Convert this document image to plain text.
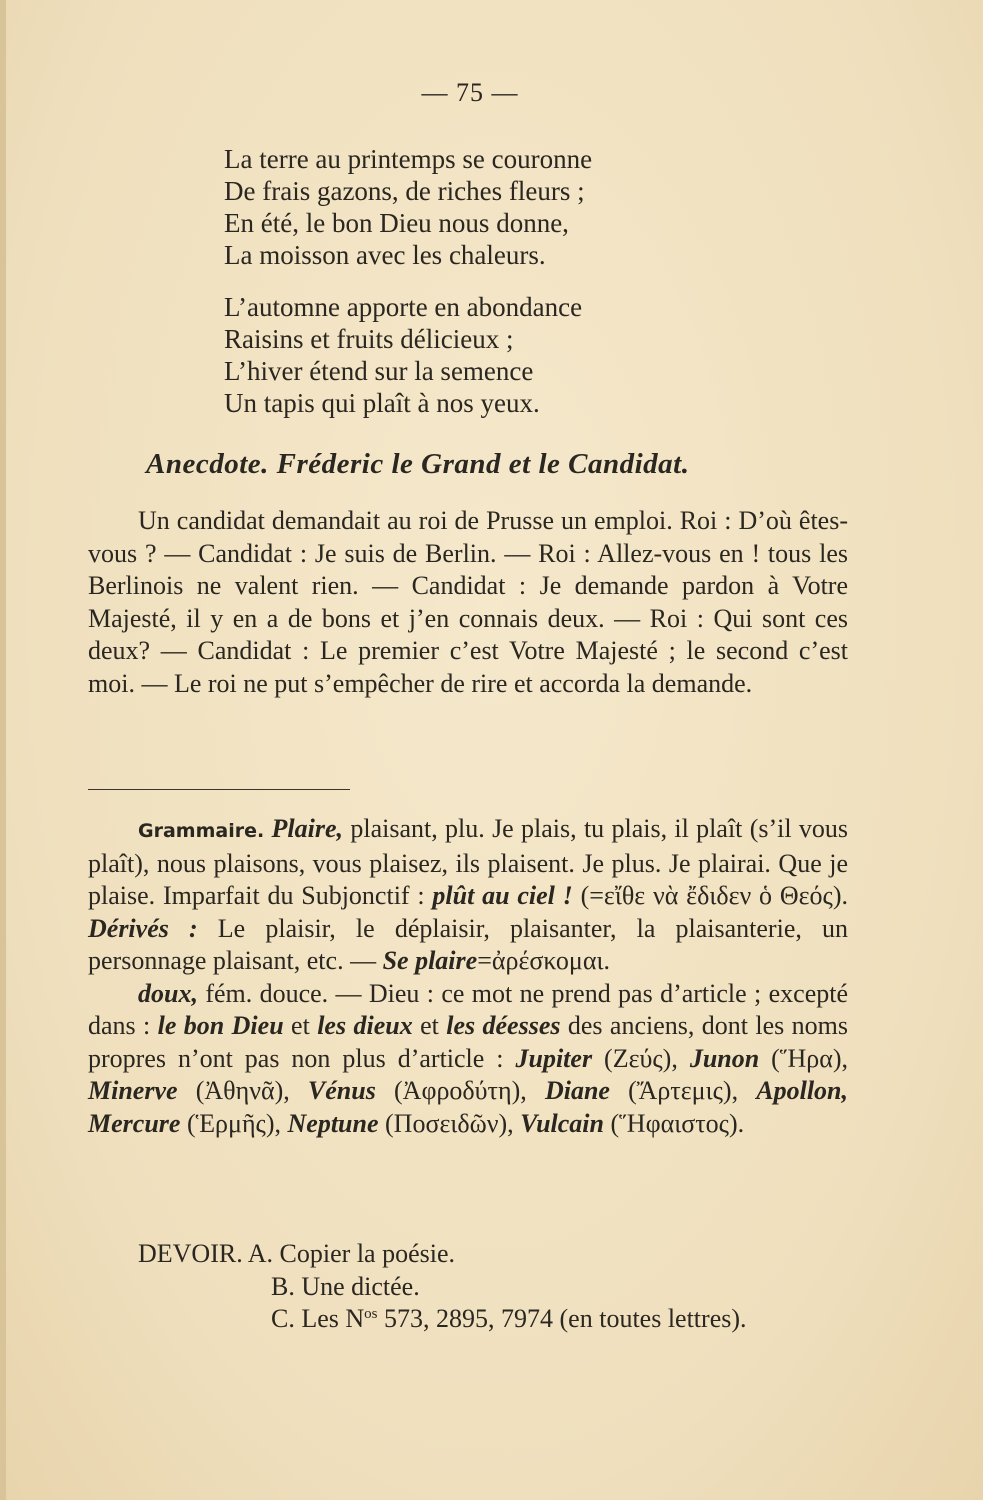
— 75 —
La terre au printemps se couronne
De frais gazons, de riches fleurs ;
En été, le bon Dieu nous donne,
La moisson avec les chaleurs.
L’automne apporte en abondance
Raisins et fruits délicieux ;
L’hiver étend sur la semence
Un tapis qui plaît à nos yeux.
Anecdote. Fréderic le Grand et le Candidat.
Un candidat demandait au roi de Prusse un emploi. Roi : D’où êtes-vous ? — Candidat : Je suis de Berlin. — Roi : Allez-vous en ! tous les Berlinois ne valent rien. — Candidat : Je demande pardon à Votre Majesté, il y en a de bons et j’en connais deux. — Roi : Qui sont ces deux? — Candidat : Le premier c’est Votre Majesté ; le second c’est moi. — Le roi ne put s’empêcher de rire et accorda la demande.

Grammaire. Plaire, plaisant, plu. Je plais, tu plais, il plaît (s’il vous plaît), nous plaisons, vous plaisez, ils plaisent. Je plus. Je plairai. Que je plaise. Imparfait du Subjonctif : plût au ciel ! (=εἴθε νὰ ἔδιδεν ὁ Θεός). Dérivés : Le plaisir, le déplaisir, plaisanter, la plaisanterie, un personnage plaisant, etc. — Se plaire=ἀρέσκομαι.

doux, fém. douce. — Dieu : ce mot ne prend pas d’article ; excepté dans : le bon Dieu et les dieux et les déesses des anciens, dont les noms propres n’ont pas non plus d’article : Jupiter (Ζεύς), Junon (Ἥρα), Minerve (Ἀθηνᾶ), Vénus (Ἀφροδύτη), Diane (Ἄρτεμις), Apollon, Mercure (Ἑρμῆς), Neptune (Ποσειδῶν), Vulcain (Ἥφαιστος).

DEVOIR. A. Copier la poésie.
B. Une dictée.
C. Les $N^{os}$ 573, 2895, 7974 (en toutes lettres).
